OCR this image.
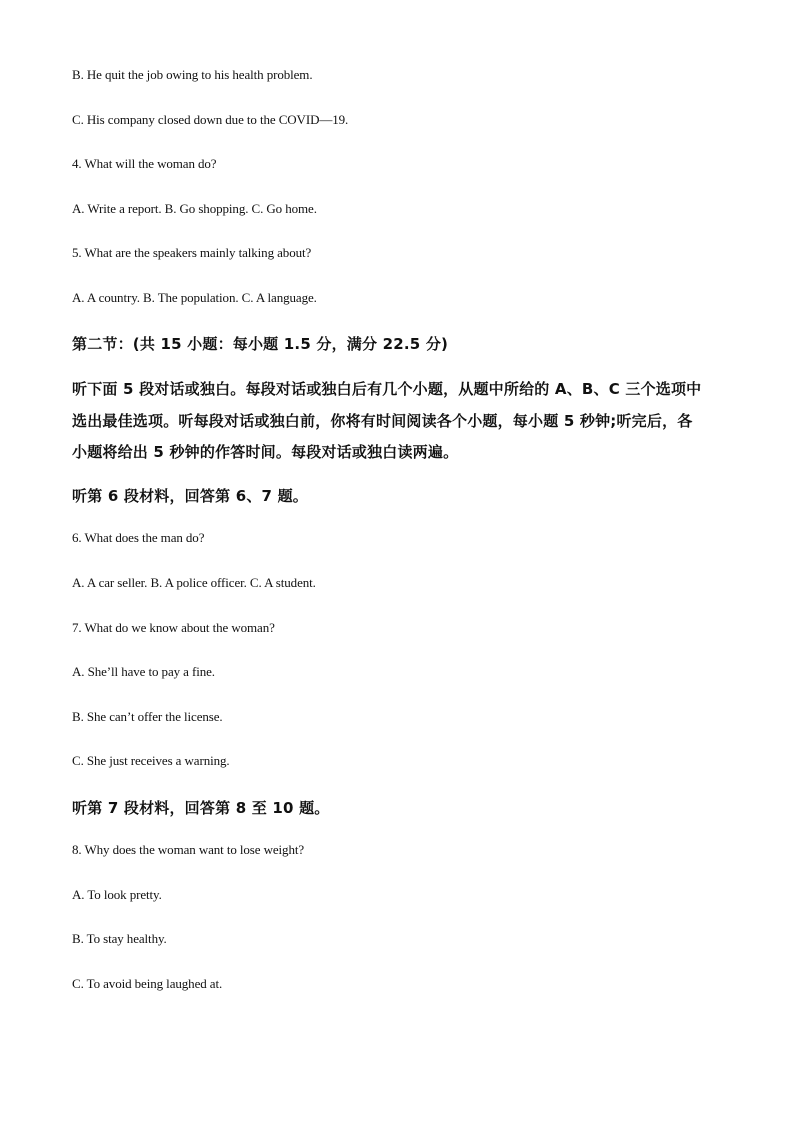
B. He quit the job owing to his health problem.

C. His company closed down due to the COVID—19.

4. What will the woman do?

A. Write a report. B. Go shopping. C. Go home.

5. What are the speakers mainly talking about?

A. A country. B. The population. C. A language.

第二节：(共 15 小题：每小题 1.5 分，满分 22.5 分)

听下面 5 段对话或独白。每段对话或独白后有几个小题，从题中所给的 A、B、C 三个选项中

选出最佳选项。听每段对话或独白前，你将有时间阅读各个小题，每小题 5 秒钟;听完后，各

小题将给出 5 秒钟的作答时间。每段对话或独白读两遍。

听第 6 段材料，回答第 6、7 题。

6. What does the man do?

A. A car seller. B. A police officer. C. A student.

7. What do we know about the woman?

A. She’ll have to pay a fine.

B. She can’t offer the license.

C. She just receives a warning.

听第 7 段材料，回答第 8 至 10 题。

8. Why does the woman want to lose weight?

A. To look pretty.

B. To stay healthy.

C. To avoid being laughed at.
